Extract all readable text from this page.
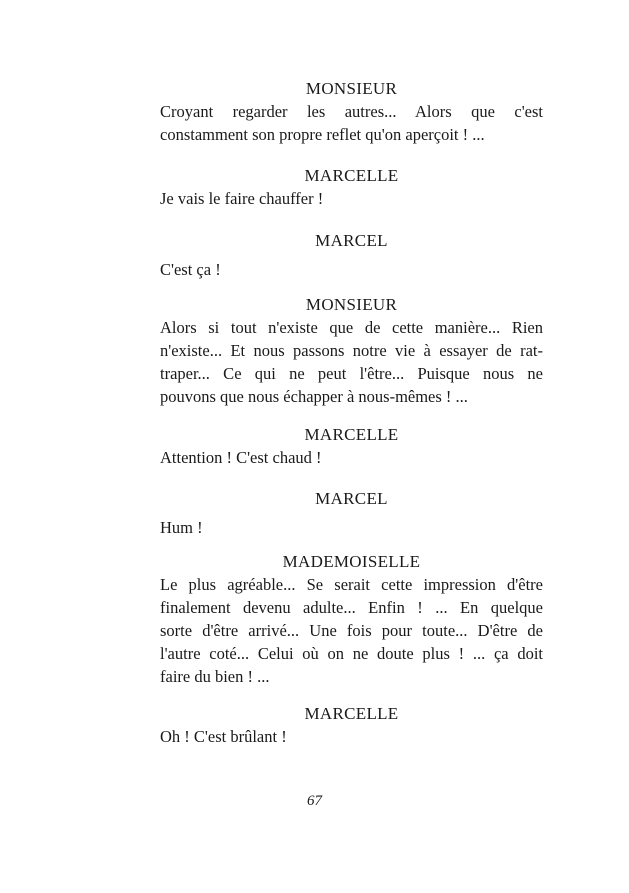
MONSIEUR

Croyant regarder les autres... Alors que c'est

constamment son propre reflet qu'on aperçoit ! ...

MARCELLE

Je vais le faire chauffer !

MARCEL

C'est ça !

MONSIEUR

Alors si tout n'existe que de cette manière... Rien

n'existe... Et nous passons notre vie à essayer de rat-

traper... Ce qui ne peut l'être... Puisque nous ne

pouvons que nous échapper à nous-mêmes ! ...

MARCELLE

Attention ! C'est chaud !

MARCEL

Hum !

MADEMOISELLE

Le plus agréable... Se serait cette impression d'être

finalement devenu adulte... Enfin ! ... En quelque

sorte d'être arrivé... Une fois pour toute... D'être de

l'autre coté... Celui où on ne doute plus ! ... ça doit

faire du bien ! ...

MARCELLE

Oh ! C'est brûlant !

67
